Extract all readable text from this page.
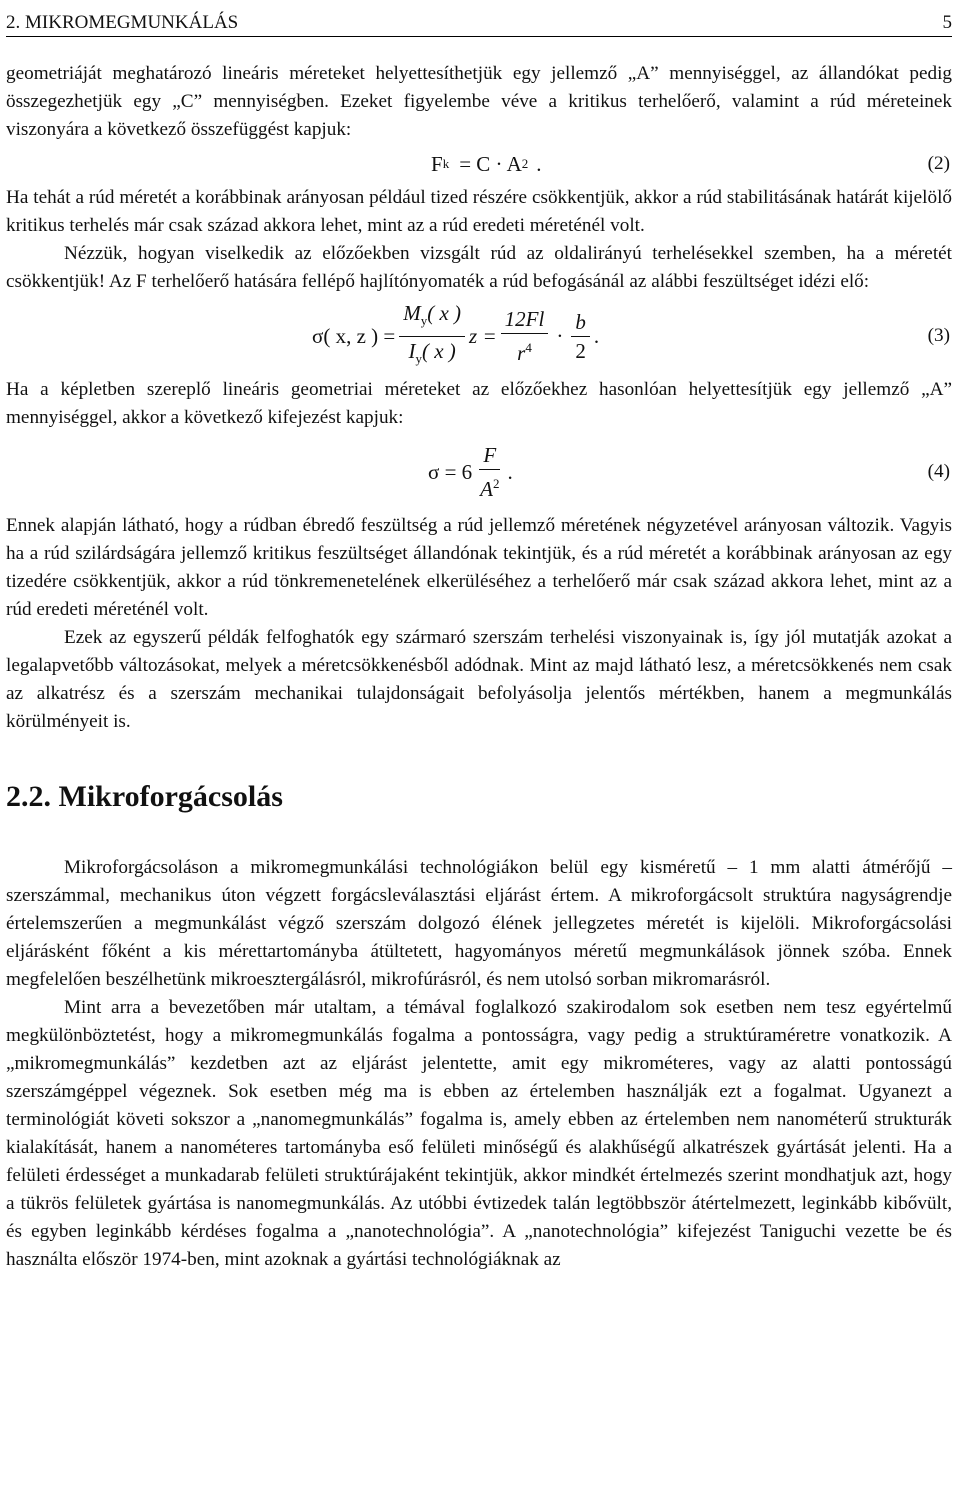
2. MIKROMEGMUNKÁLÁS	5

geometriáját meghatározó lineáris méreteket helyettesíthetjük egy jellemző „A” mennyiséggel, az állandókat pedig összegezhetjük egy „C” mennyiségben. Ezeket figyelembe véve a kritikus terhelőerő, valamint a rúd méreteinek viszonyára a következő összefüggést kapjuk:

F k = C · A 2 .	(2)

Ha tehát a rúd méretét a korábbinak arányosan például tized részére csökkentjük, akkor a rúd stabilitásának határát kijelölő kritikus terhelés már csak század akkora lehet, mint az a rúd eredeti méreténél volt.

Nézzük, hogyan viselkedik az előzőekben vizsgált rúd az oldalirányú terhelésekkel szemben, ha a méretét csökkentjük! Az F terhelőerő hatására fellépő hajlítónyomaték a rúd befogásánál az alábbi feszültséget idézi elő:

σ( x, z ) = $\frac{M_y( x )}{I_y( x )}$ $z = \frac{12Fl}{r^4} \cdot \frac{b}{2}$ .	(3)

Ha a képletben szereplő lineáris geometriai méreteket az előzőekhez hasonlóan helyettesítjük egy jellemző „A” mennyiséggel, akkor a következő kifejezést kapjuk:

$\sigma = 6 \frac{F}{A^2}$ .	(4)

Ennek alapján látható, hogy a rúdban ébredő feszültség a rúd jellemző méretének négyzetével arányosan változik. Vagyis ha a rúd szilárdságára jellemző kritikus feszültséget állandónak tekintjük, és a rúd méretét a korábbinak arányosan az egy tizedére csökkentjük, akkor a rúd tönkremenetelének elkerüléséhez a terhelőerő már csak század akkora lehet, mint az a rúd eredeti méreténél volt.

Ezek az egyszerű példák felfoghatók egy szármaró szerszám terhelési viszonyainak is, így jól mutatják azokat a legalapvetőbb változásokat, melyek a méretcsökkenésből adódnak. Mint az majd látható lesz, a méretcsökkenés nem csak az alkatrész és a szerszám mechanikai tulajdonságait befolyásolja jelentős mértékben, hanem a megmunkálás körülményeit is.

2.2. Mikroforgácsolás

Mikroforgácsoláson a mikromegmunkálási technológiákon belül egy kisméretű – 1 mm alatti átmérőjű – szerszámmal, mechanikus úton végzett forgácsleválasztási eljárást értem. A mikroforgácsolt struktúra nagyságrendje értelemszerűen a megmunkálást végző szerszám dolgozó élének jellegzetes méretét is kijelöli. Mikroforgácsolási eljárásként főként a kis mérettartományba átültetett, hagyományos méretű megmunkálások jönnek szóba. Ennek megfelelően beszélhetünk mikroesztergálásról, mikrofúrásról, és nem utolsó sorban mikromarásról.

Mint arra a bevezetőben már utaltam, a témával foglalkozó szakirodalom sok esetben nem tesz egyértelmű megkülönböztetést, hogy a mikromegmunkálás fogalma a pontosságra, vagy pedig a struktúraméretre vonatkozik. A „mikromegmunkálás” kezdetben azt az eljárást jelentette, amit egy mikrométeres, vagy az alatti pontosságú szerszámgéppel végeznek. Sok esetben még ma is ebben az értelemben használják ezt a fogalmat. Ugyanezt a terminológiát követi sokszor a „nanomegmunkálás” fogalma is, amely ebben az értelemben nem nanométerű strukturák kialakítását, hanem a nanométeres tartományba eső felületi minőségű és alakhűségű alkatrészek gyártását jelenti. Ha a felületi érdességet a munkadarab felületi struktúrájaként tekintjük, akkor mindkét értelmezés szerint mondhatjuk azt, hogy a tükrös felületek gyártása is nanomegmunkálás. Az utóbbi évtizedek talán legtöbbször átértelmezett, leginkább kibővült, és egyben leginkább kérdéses fogalma a „nanotechnológia”. A „nanotechnológia” kifejezést Taniguchi vezette be és használta először 1974-ben, mint azoknak a gyártási technológiáknak az
